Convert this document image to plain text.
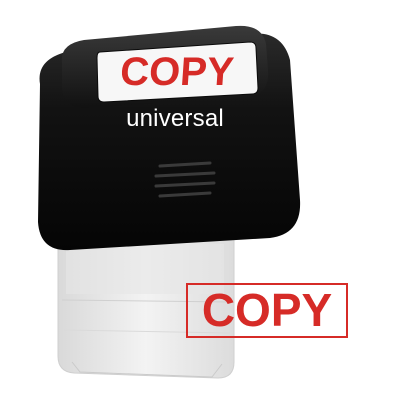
COPY
universal
COPY
